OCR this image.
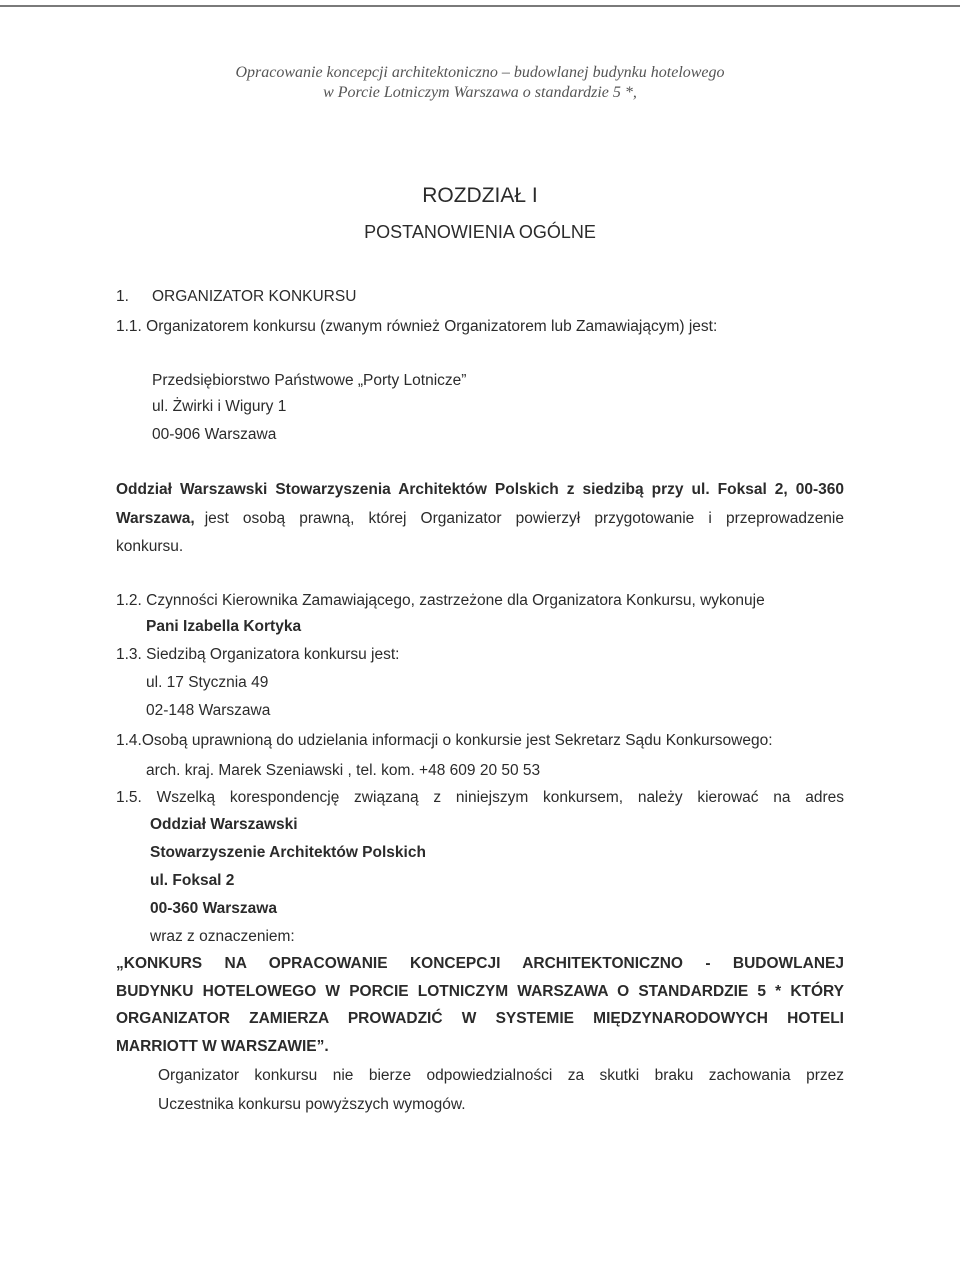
Opracowanie koncepcji architektoniczno – budowlanej budynku hotelowego
w Porcie Lotniczym Warszawa o standardzie 5 *,
ROZDZIAŁ I
POSTANOWIENIA OGÓLNE
1. ORGANIZATOR KONKURSU
1.1. Organizatorem konkursu (zwanym również Organizatorem lub Zamawiającym) jest:
Przedsiębiorstwo Państwowe „Porty Lotnicze”
ul. Żwirki i Wigury 1
00-906 Warszawa
Oddział Warszawski Stowarzyszenia Architektów Polskich z siedzibą przy ul. Foksal 2, 00-360
Warszawa, jest osobą prawną, której Organizator powierzył przygotowanie i przeprowadzenie
konkursu.
1.2. Czynności Kierownika Zamawiającego, zastrzeżone dla Organizatora Konkursu, wykonuje
Pani Izabella Kortyka
1.3. Siedzibą Organizatora konkursu jest:
ul. 17 Stycznia 49
02-148 Warszawa
1.4.Osobą uprawnioną do udzielania informacji o konkursie jest Sekretarz Sądu Konkursowego:
arch. kraj. Marek Szeniawski , tel. kom. +48 609 20 50 53
1.5. Wszelką korespondencję związaną z niniejszym konkursem, należy kierować na adres
Oddział Warszawski
Stowarzyszenie Architektów Polskich
ul. Foksal 2
00-360 Warszawa
wraz z oznaczeniem:
„KONKURS NA OPRACOWANIE KONCEPCJI ARCHITEKTONICZNO - BUDOWLANEJ
BUDYNKU HOTELOWEGO W PORCIE LOTNICZYM WARSZAWA O STANDARDZIE 5 * KTÓRY
ORGANIZATOR ZAMIERZA PROWADZIĆ W SYSTEMIE MIĘDZYNARODOWYCH HOTELI
MARRIOTT W WARSZAWIE”.
Organizator konkursu nie bierze odpowiedzialności za skutki braku zachowania przez
Uczestnika konkursu powyższych wymogów.
